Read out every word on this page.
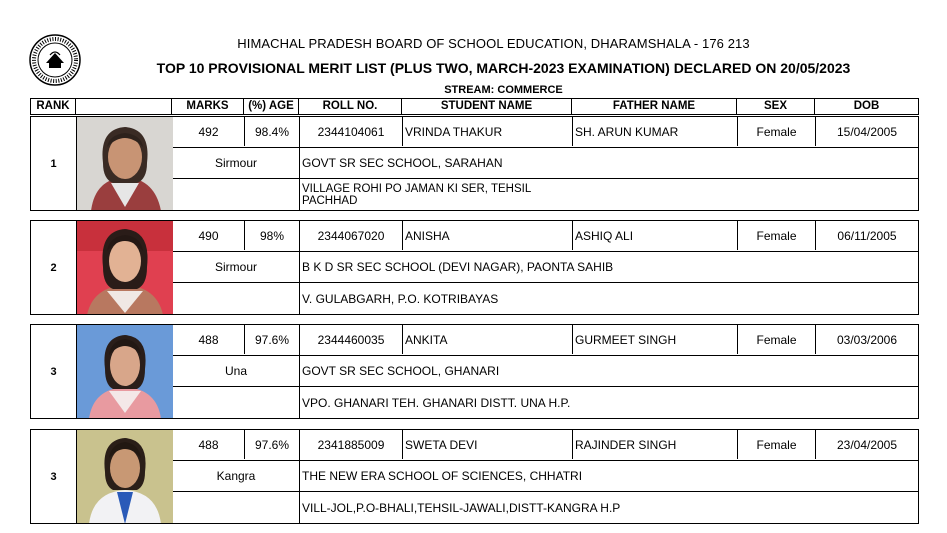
HIMACHAL PRADESH BOARD OF SCHOOL EDUCATION, DHARAMSHALA - 176 213
TOP 10 PROVISIONAL MERIT LIST (PLUS TWO, MARCH-2023 EXAMINATION) DECLARED ON 20/05/2023
STREAM: COMMERCE
RANK	MARKS	(%) AGE	ROLL NO.	STUDENT NAME	FATHER NAME	SEX	DOB
1
492	98.4%	2344104061	VRINDA THAKUR	SH. ARUN KUMAR	Female	15/04/2005
Sirmour	GOVT SR SEC SCHOOL, SARAHAN
VILLAGE ROHI PO JAMAN KI SER, TEHSIL
PACHHAD
2
490	98%	2344067020	ANISHA	ASHIQ ALI	Female	06/11/2005
Sirmour	B K D SR SEC SCHOOL (DEVI NAGAR), PAONTA SAHIB
V. GULABGARH, P.O. KOTRIBAYAS
3
488	97.6%	2344460035	ANKITA	GURMEET SINGH	Female	03/03/2006
Una	GOVT SR SEC SCHOOL, GHANARI
VPO. GHANARI TEH. GHANARI DISTT. UNA H.P.
3
488	97.6%	2341885009	SWETA DEVI	RAJINDER SINGH	Female	23/04/2005
Kangra	THE NEW ERA SCHOOL OF SCIENCES, CHHATRI
VILL-JOL,P.O-BHALI,TEHSIL-JAWALI,DISTT-KANGRA H.P
